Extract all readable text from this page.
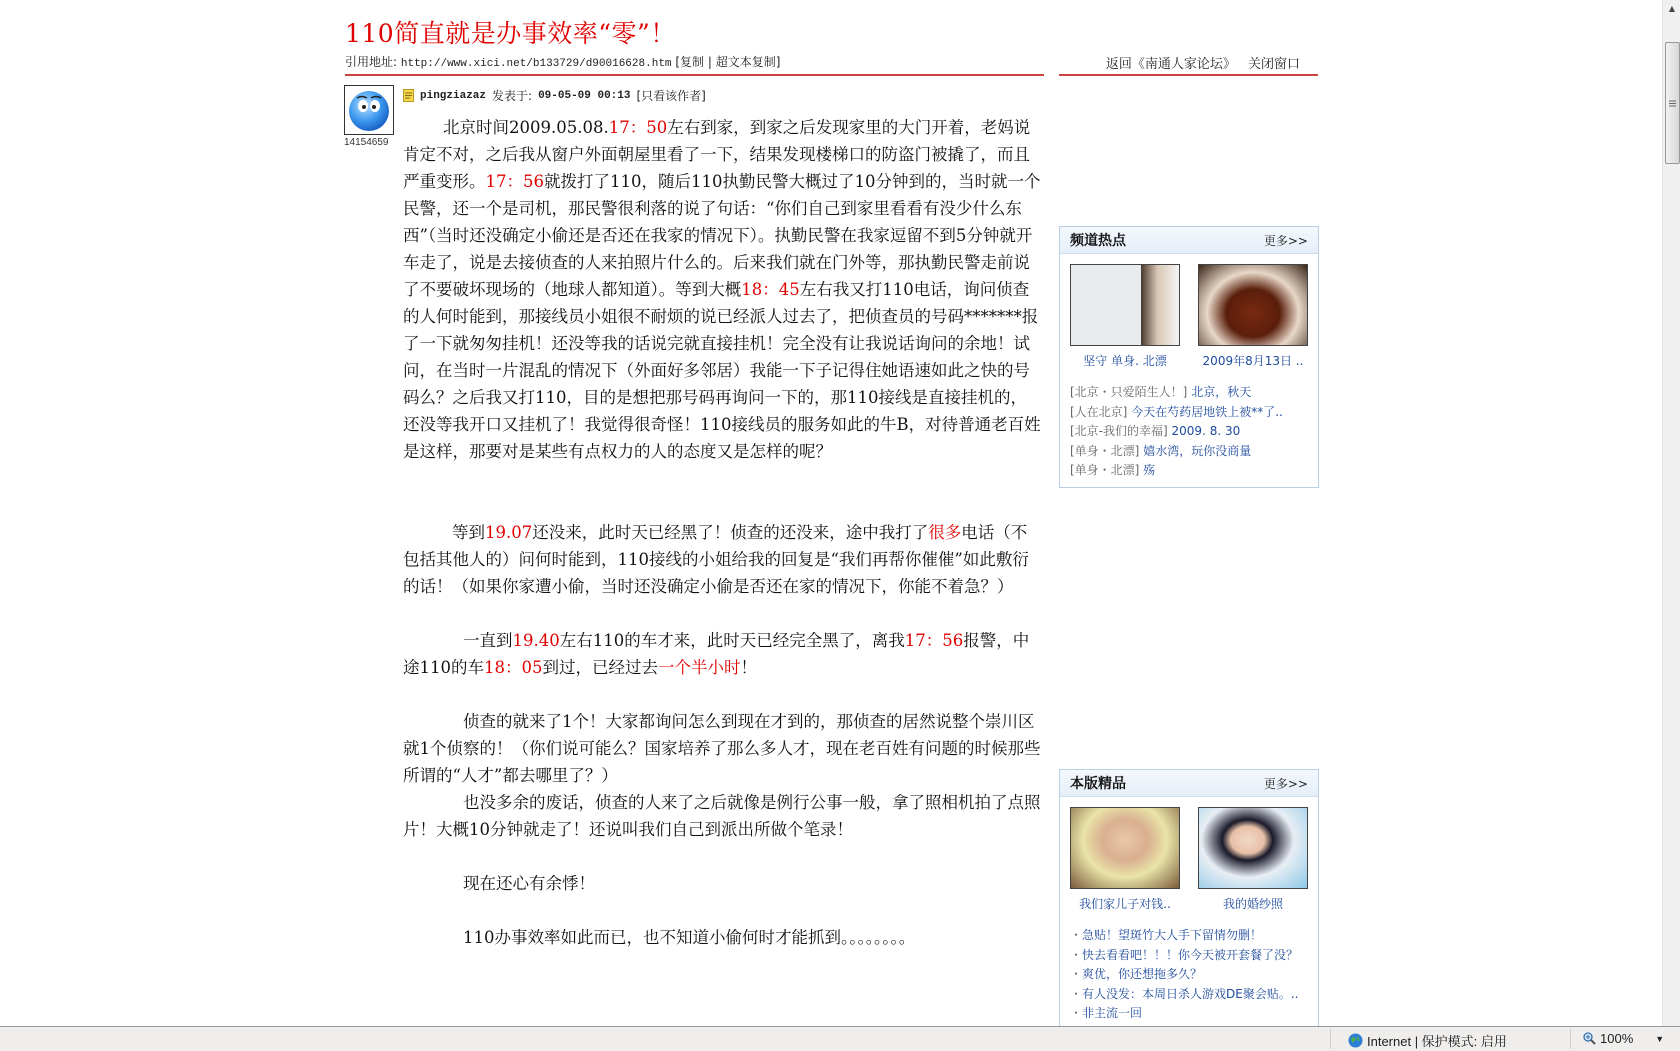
110简直就是办事效率“零”！
引用地址: http://www.xici.net/b133729/d90016628.htm [复制 | 超文本复制]	返回《南通人家论坛》 关闭窗口
14154659
pingziazaz 发表于: 09-05-09 00:13 [只看该作者]

北京时间2009.05.08.17：50左右到家，到家之后发现家里的大门开着，老妈说肯定不对，之后我从窗户外面朝屋里看了一下，结果发现楼梯口的防盗门被撬了，而且严重变形。17：56就拨打了110，随后110执勤民警大概过了10分钟到的，当时就一个民警，还一个是司机，那民警很利落的说了句话：“你们自己到家里看看有没少什么东西”（当时还没确定小偷还是否还在我家的情况下）。执勤民警在我家逗留不到5分钟就开车走了，说是去接侦查的人来拍照片什么的。后来我们就在门外等，那执勤民警走前说了不要破坏现场的（地球人都知道）。等到大概18：45左右我又打110电话，询问侦查的人何时能到，那接线员小姐很不耐烦的说已经派人过去了，把侦查员的号码*******报了一下就匆匆挂机！还没等我的话说完就直接挂机！完全没有让我说话询问的余地！试问，在当时一片混乱的情况下（外面好多邻居）我能一下子记得住她语速如此之快的号码么？之后我又打110，目的是想把那号码再询问一下的，那110接线是直接挂机的，还没等我开口又挂机了！我觉得很奇怪！110接线员的服务如此的牛B，对待普通老百姓是这样，那要对是某些有点权力的人的态度又是怎样的呢？

等到19.07还没来，此时天已经黑了！侦查的还没来，途中我打了很多电话（不包括其他人的）问何时能到，110接线的小姐给我的回复是“我们再帮你催催”如此敷衍的话！（如果你家遭小偷，当时还没确定小偷是否还在家的情况下，你能不着急？）

一直到19.40左右110的车才来，此时天已经完全黑了，离我17：56报警，中途110的车18：05到过，已经过去一个半小时！

侦查的就来了1个！大家都询问怎么到现在才到的，那侦查的居然说整个崇川区就1个侦察的！（你们说可能么？国家培养了那么多人才，现在老百姓有问题的时候那些所谓的“人才”都去哪里了？）

也没多余的废话，侦查的人来了之后就像是例行公事一般，拿了照相机拍了点照片！大概10分钟就走了！还说叫我们自己到派出所做个笔录！

现在还心有余悸！

110办事效率如此而已，也不知道小偷何时才能抓到。。。。。。。。

频道热点	更多>>
坚守 单身. 北漂	2009年8月13日 ..
[北京・只爱陌生人！] 北京，秋天
[人在北京] 今天在芍药居地铁上被**了..
[北京-我们的幸福] 2009. 8. 30
[单身・北漂] 嬉水湾，玩你没商量
[单身・北漂] 殇
本版精品	更多>>
我们家儿子对钱..	我的婚纱照
・急贴！望斑竹大人手下留情勿删！
・快去看看吧！！！你今天被开套餐了没？
・爽优，你还想拖多久？
・有人没发：本周日杀人游戏DE聚会贴。..
・非主流一回
▲
Internet | 保护模式: 启用	100% ▼
